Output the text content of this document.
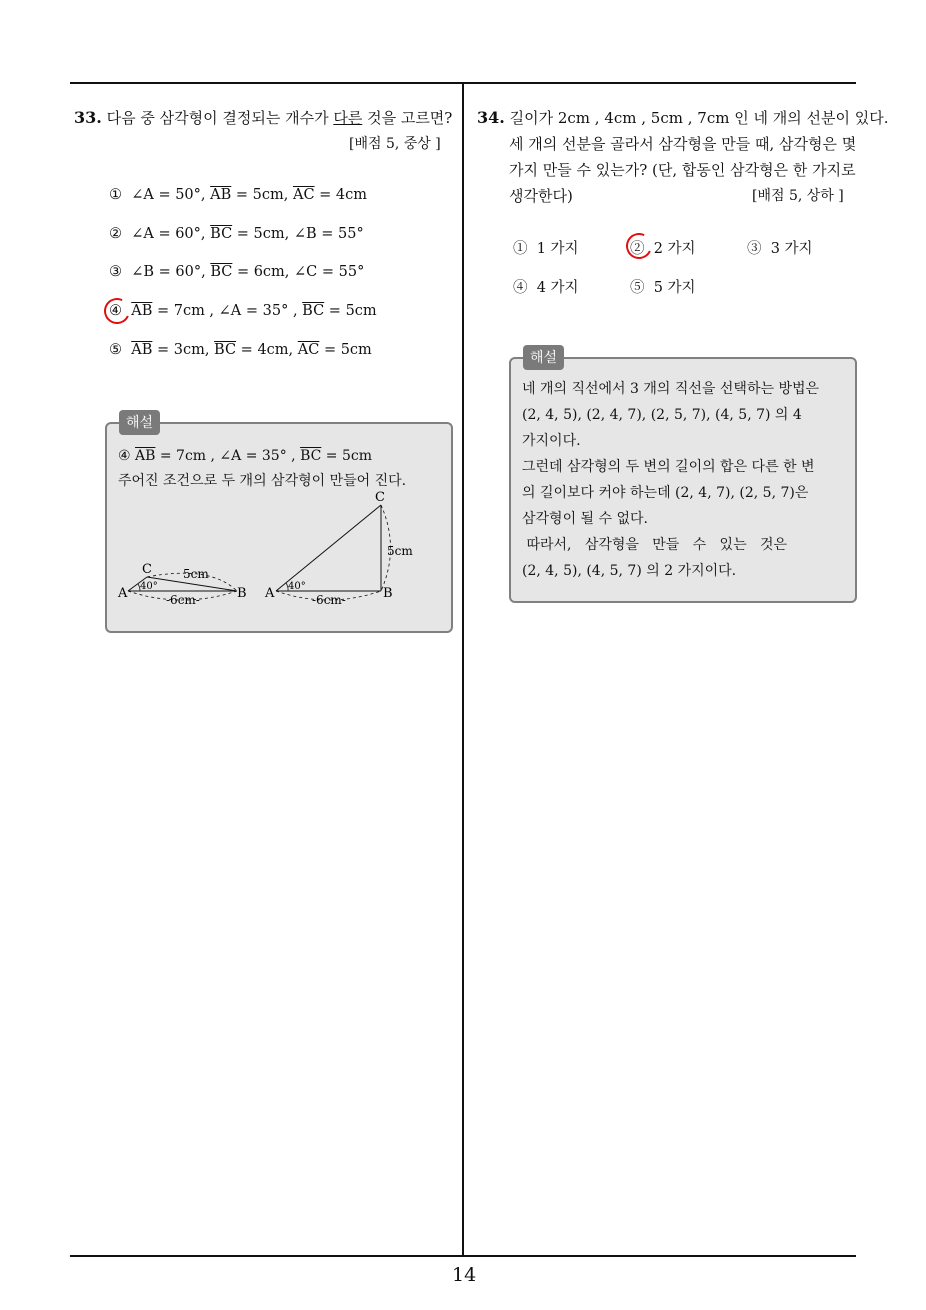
14
33. 다음 중 삼각형이 결정되는 개수가 다른 것을 고르면?
[배점 5, 중상 ]
① ∠A = 50°, $\overline{AB} = 5cm$, $\overline{AC} = 4cm$
② ∠A = 60°, $\overline{BC} = 5cm$, ∠B = 55°
③ ∠B = 60°, $\overline{BC} = 6cm$, ∠C = 55°
④ $\overline{AB} = 7cm$ , ∠A = 35° , $\overline{BC} = 5cm$
⑤ $\overline{AB} = 3cm$, $\overline{BC} = 4cm$, $\overline{AC} = 5cm$
해설
④ $\overline{AB} = 7cm$ , ∠A = 35° , $\overline{BC} = 5cm$
주어진 조건으로 두 개의 삼각형이 만들어 진다.
A	B
C
40°
5cm
-6cm-	A	B
C
40°
5cm
-6cm-
34. 길이가 2cm , 4cm , 5cm , 7cm 인 네 개의 선분이 있다.
세 개의 선분을 골라서 삼각형을 만들 때, 삼각형은 몇
가지 만들 수 있는가? (단, 합동인 삼각형은 한 가지로
생각한다)	[배점 5, 상하 ]
① 1 가지	② 2 가지	③ 3 가지
④ 4 가지	⑤ 5 가지
해설
네 개의 직선에서 3 개의 직선을 선택하는 방법은
(2, 4, 5), (2, 4, 7), (2, 5, 7), (4, 5, 7) 의 4
가지이다.
그런데 삼각형의 두 변의 길이의 합은 다른 한 변
의 길이보다 커야 하는데 (2, 4, 7), (2, 5, 7)은
삼각형이 될 수 없다.
따라서,   삼각형을   만들   수   있는   것은
(2, 4, 5), (4, 5, 7) 의 2 가지이다.
